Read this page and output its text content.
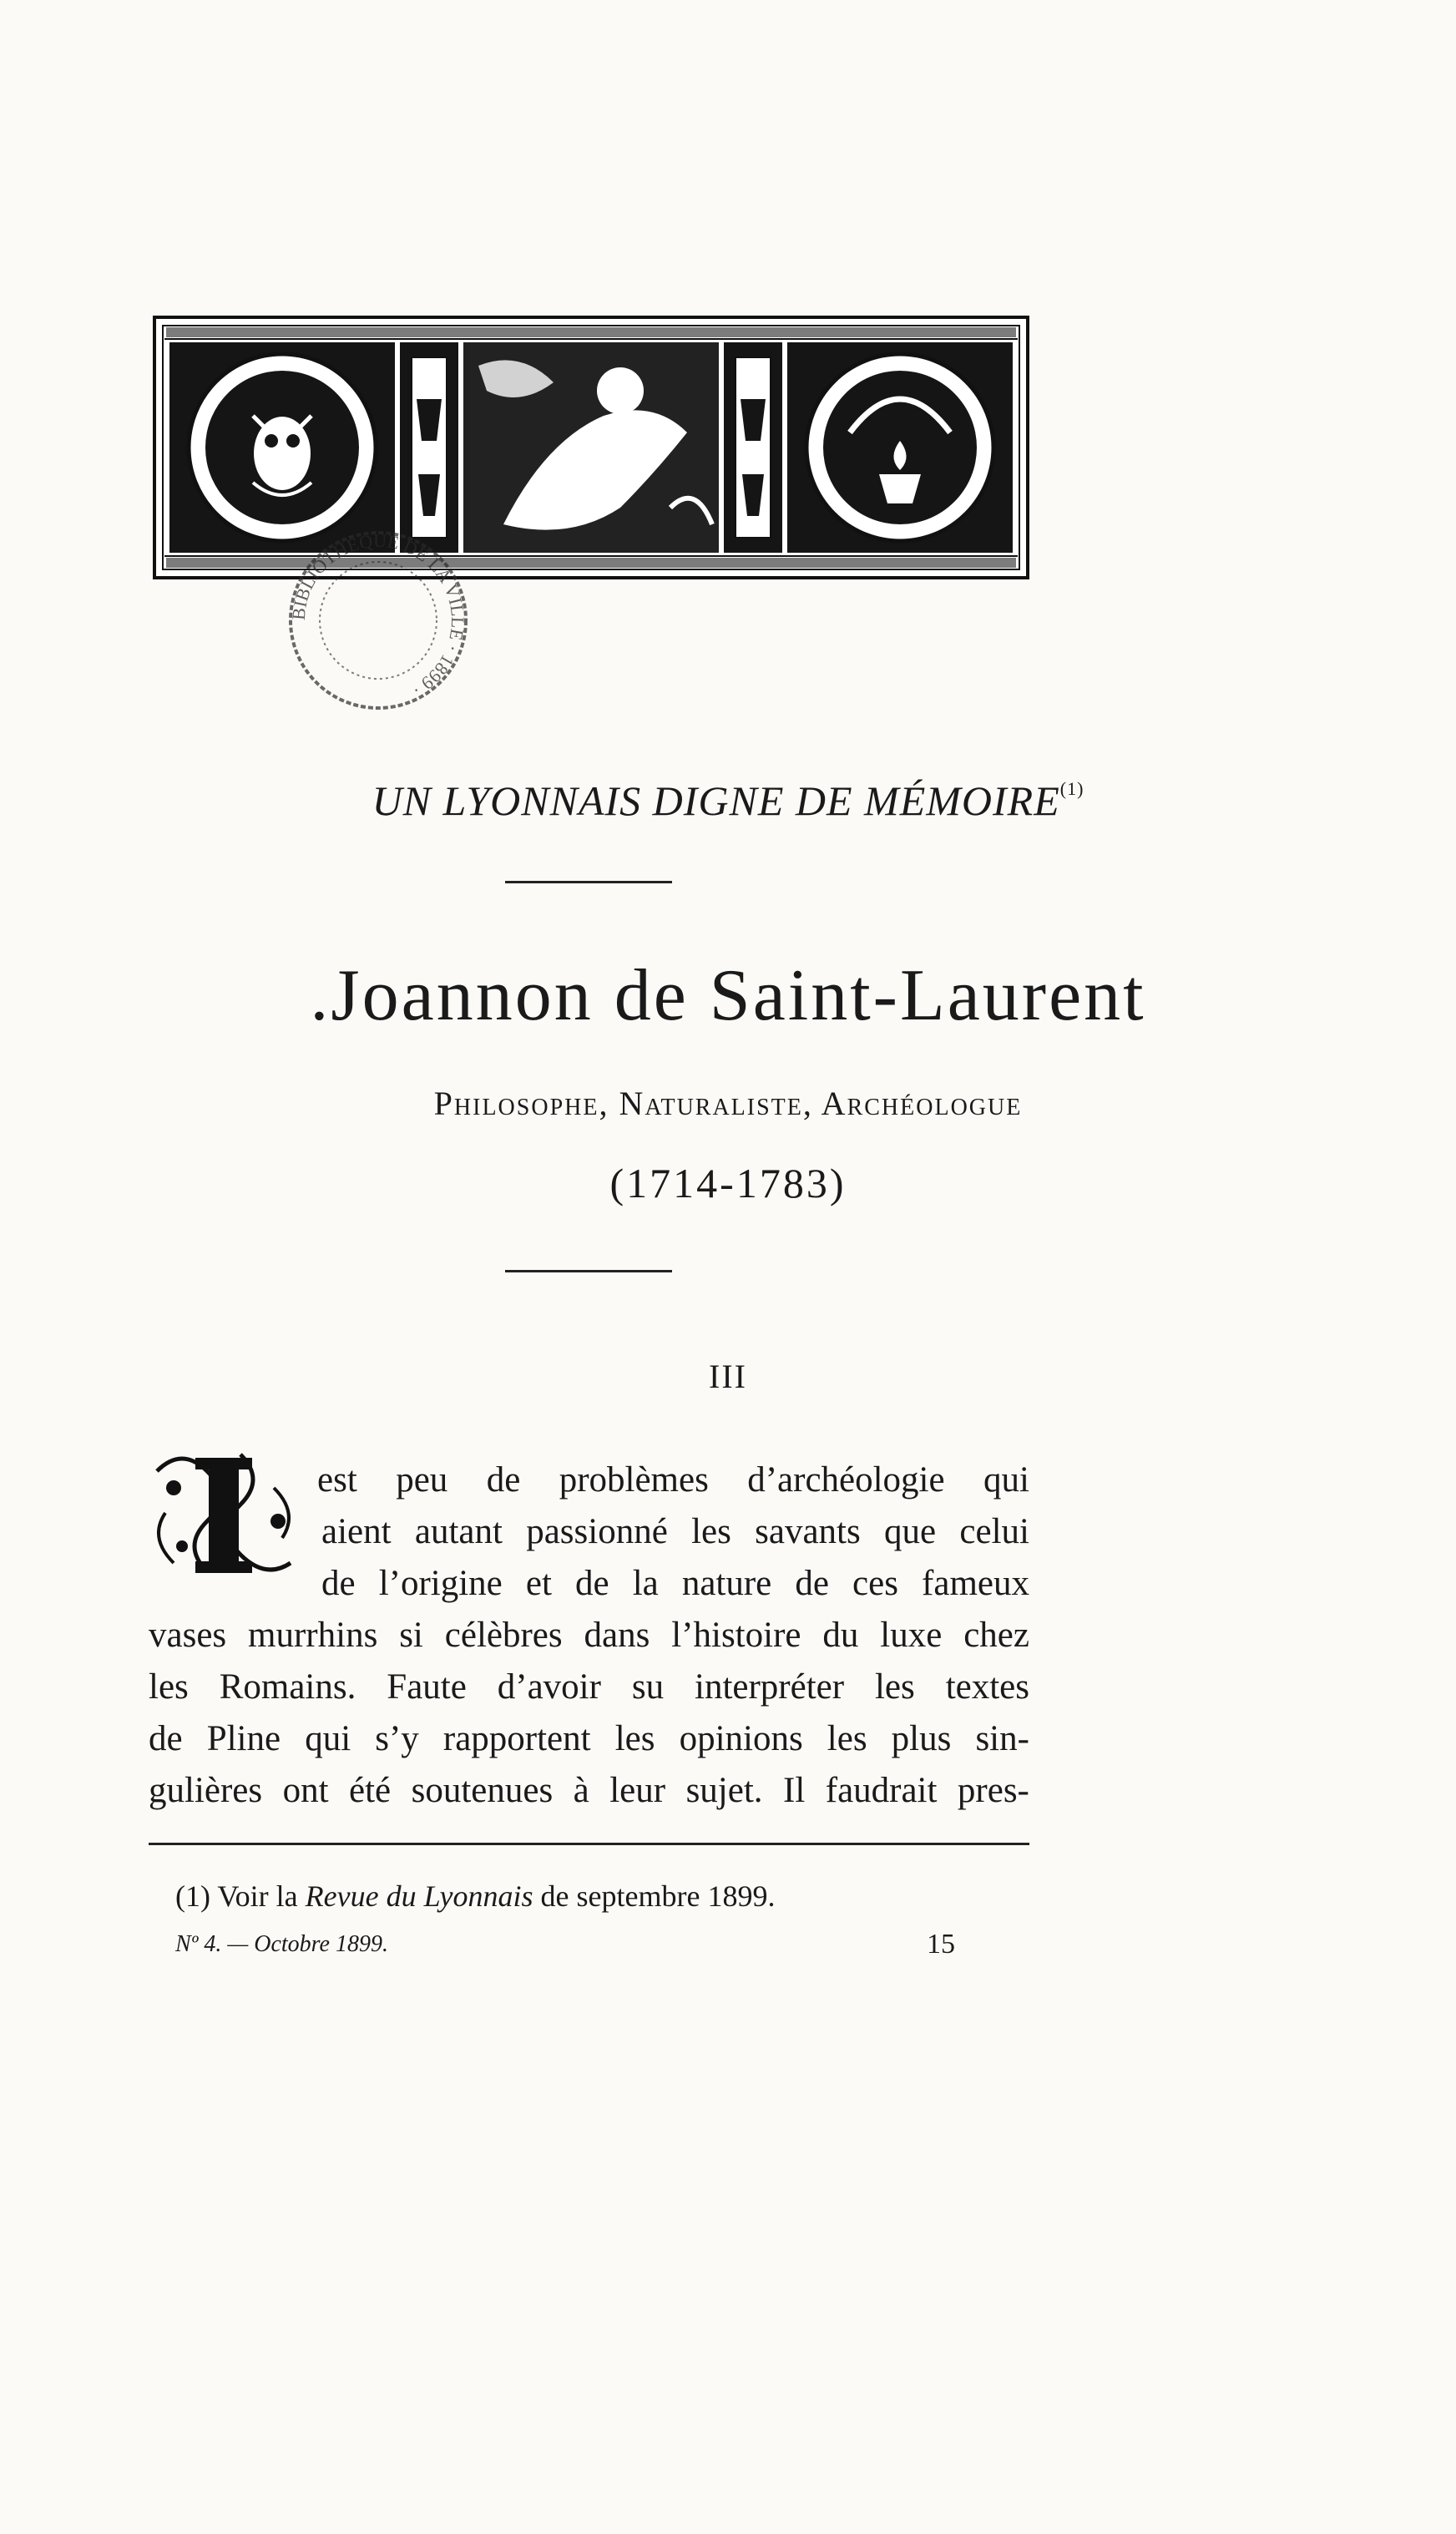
BIBLIOTHÈQUE DE LA VILLE · 1899 ·
UN LYONNAIS DIGNE DE MÉMOIRE$^{(1)}$
.Joannon de Saint-Laurent
Philosophe, Naturaliste, Archéologue
(1714-1783)
III
est peu de problèmes d’archéologie qui
aient autant passionné les savants que celui
de l’origine et de la nature de ces fameux
vases murrhins si célèbres dans l’histoire du luxe chez
les Romains. Faute d’avoir su interpréter les textes
de Pline qui s’y rapportent les opinions les plus sin-
gulières ont été soutenues à leur sujet. Il faudrait pres-
(1) Voir la Revue du Lyonnais de septembre 1899.
Nº 4. — Octobre 1899.	15
